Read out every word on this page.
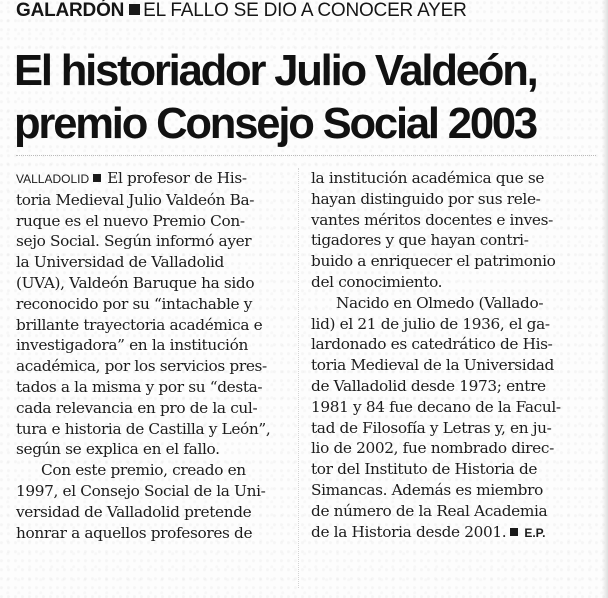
GALARDÓN EL FALLO SE DIO A CONOCER AYER
El historiador Julio Valdeón,
premio Consejo Social 2003
VALLADOLID El profesor de His-
toria Medieval Julio Valdeón Ba-
ruque es el nuevo Premio Con-
sejo Social. Según informó ayer
la Universidad de Valladolid
(UVA), Valdeón Baruque ha sido
reconocido por su “intachable y
brillante trayectoria académica e
investigadora” en la institución
académica, por los servicios pres-
tados a la misma y por su “desta-
cada relevancia en pro de la cul-
tura e historia de Castilla y León”,
según se explica en el fallo.
Con este premio, creado en
1997, el Consejo Social de la Uni-
versidad de Valladolid pretende
honrar a aquellos profesores de
la institución académica que se
hayan distinguido por sus rele-
vantes méritos docentes e inves-
tigadores y que hayan contri-
buido a enriquecer el patrimonio
del conocimiento.
Nacido en Olmedo (Vallado-
lid) el 21 de julio de 1936, el ga-
lardonado es catedrático de His-
toria Medieval de la Universidad
de Valladolid desde 1973; entre
1981 y 84 fue decano de la Facul-
tad de Filosofía y Letras y, en ju-
lio de 2002, fue nombrado direc-
tor del Instituto de Historia de
Simancas. Además es miembro
de número de la Real Academia
de la Historia desde 2001. E.P.
